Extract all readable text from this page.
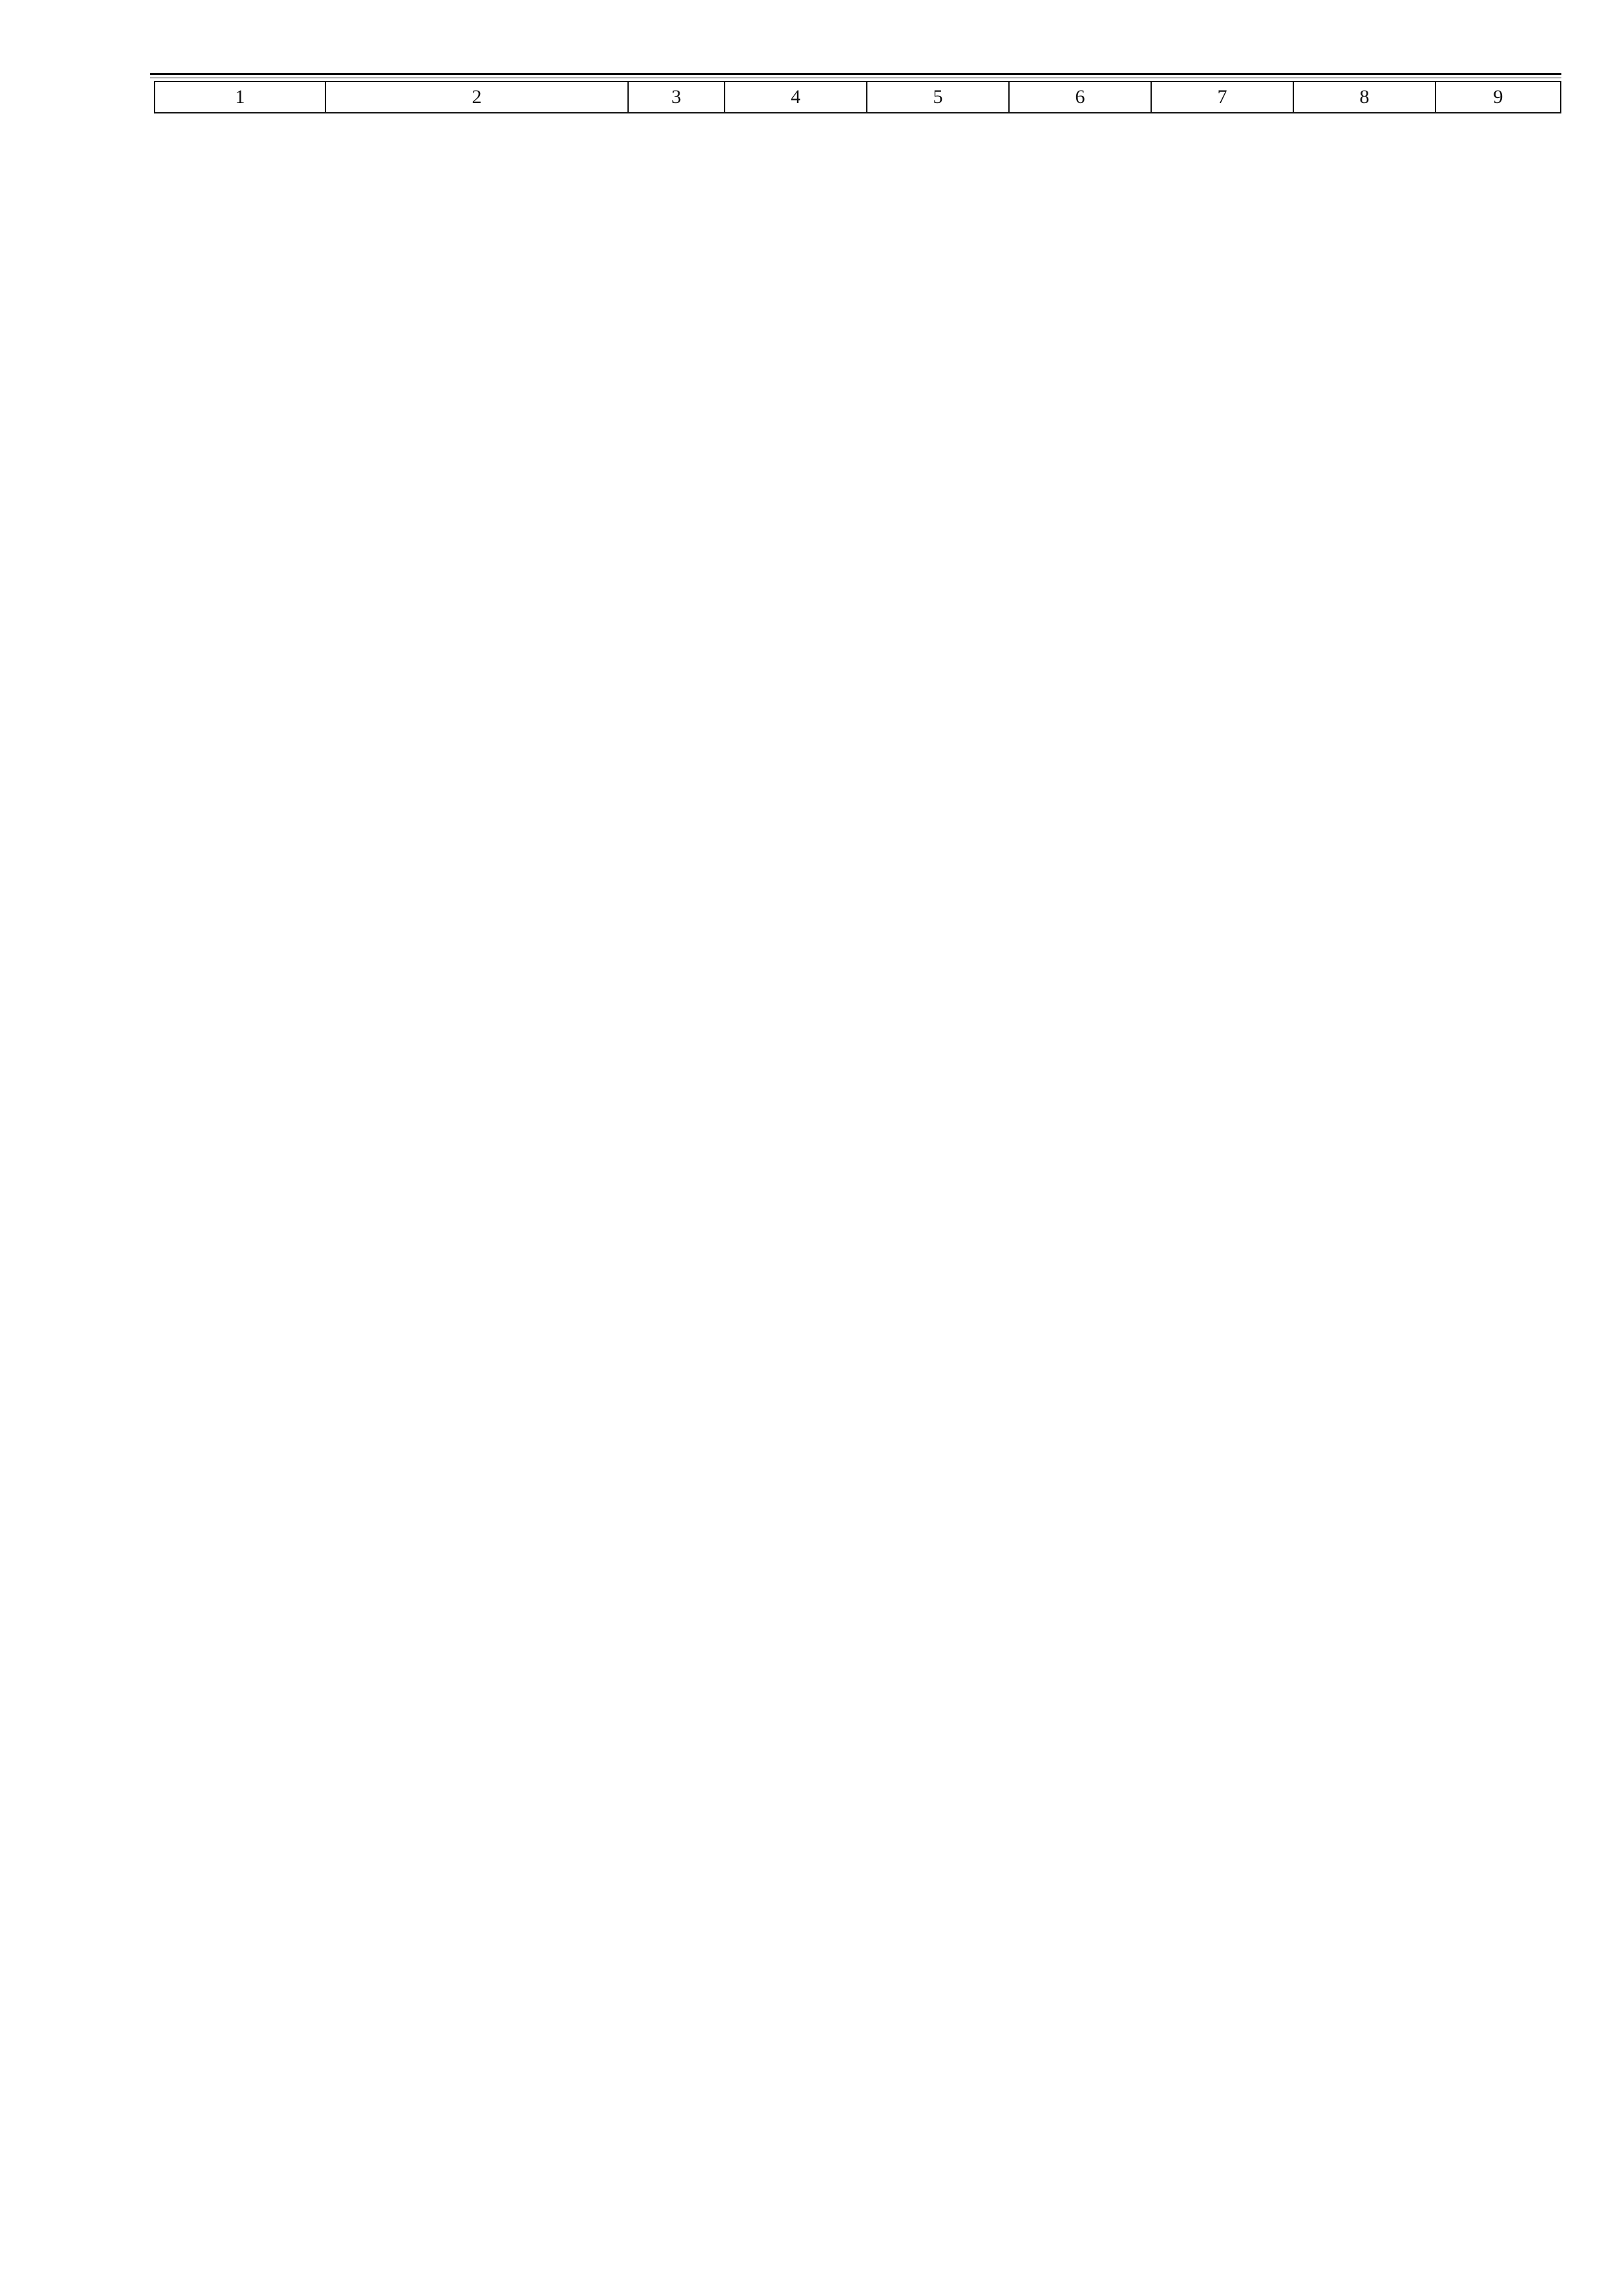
1	2	3	4	5	6	7	8	9
